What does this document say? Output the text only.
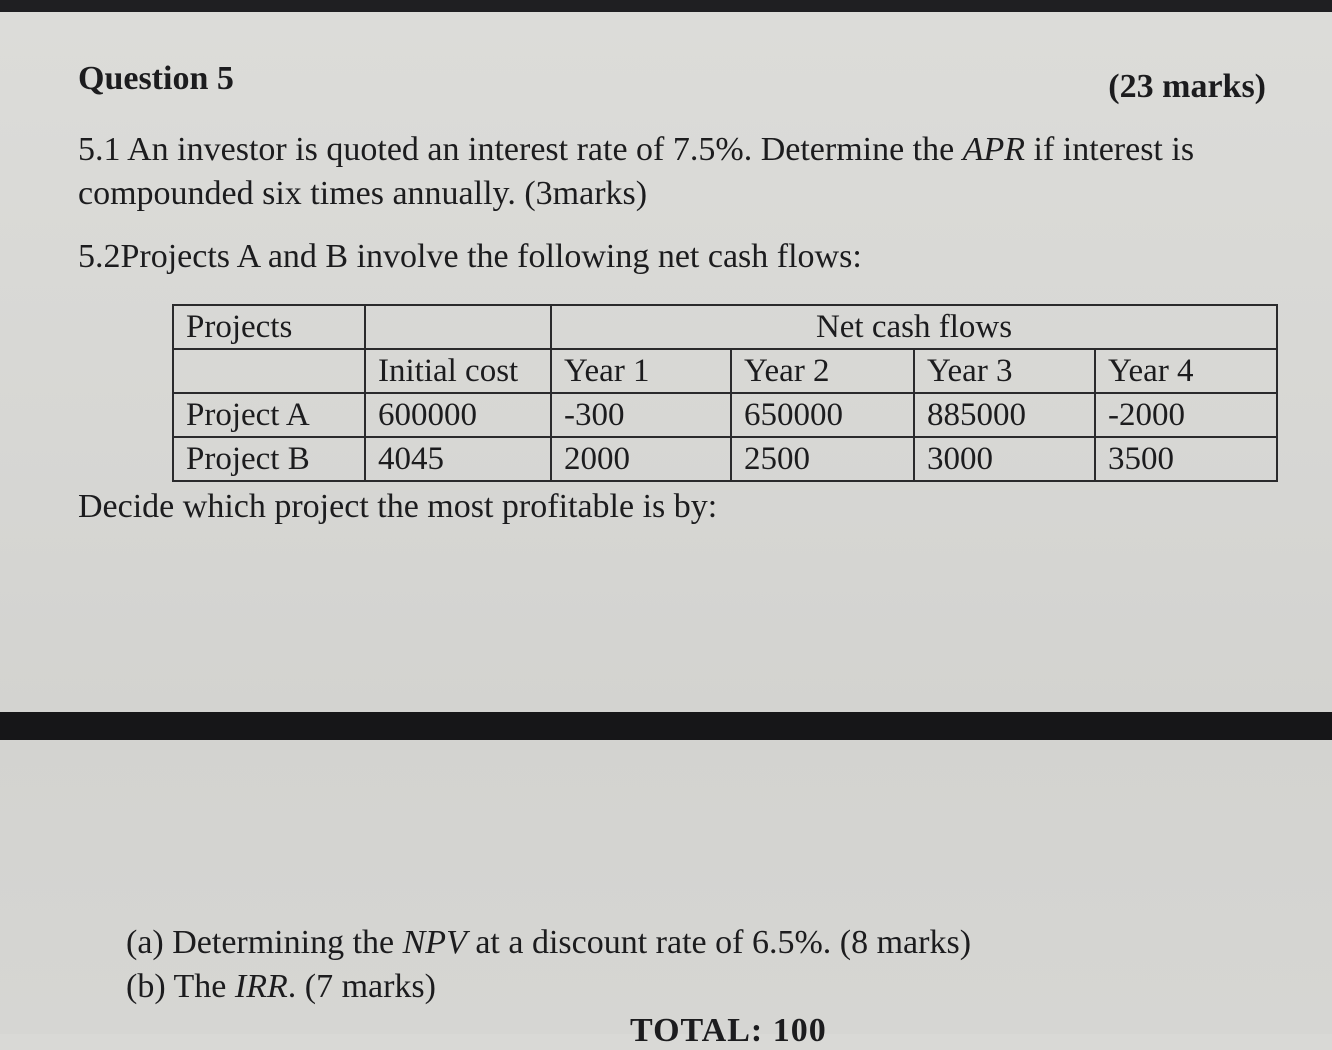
Question 5	(23 marks)
5.1 An investor is quoted an interest rate of 7.5%. Determine the APR if interest is compounded six times annually. (3marks)
5.2Projects A and B involve the following net cash flows:
Projects		Net cash flows			
	Initial cost	Year 1	Year 2	Year 3	Year 4
Project A	600000	-300	650000	885000	-2000
Project B	4045	2000	2500	3000	3500
Decide which project the most profitable is by:
(a) Determining the NPV at a discount rate of 6.5%. (8 marks)
(b) The IRR. (7 marks)
TOTAL: 100
